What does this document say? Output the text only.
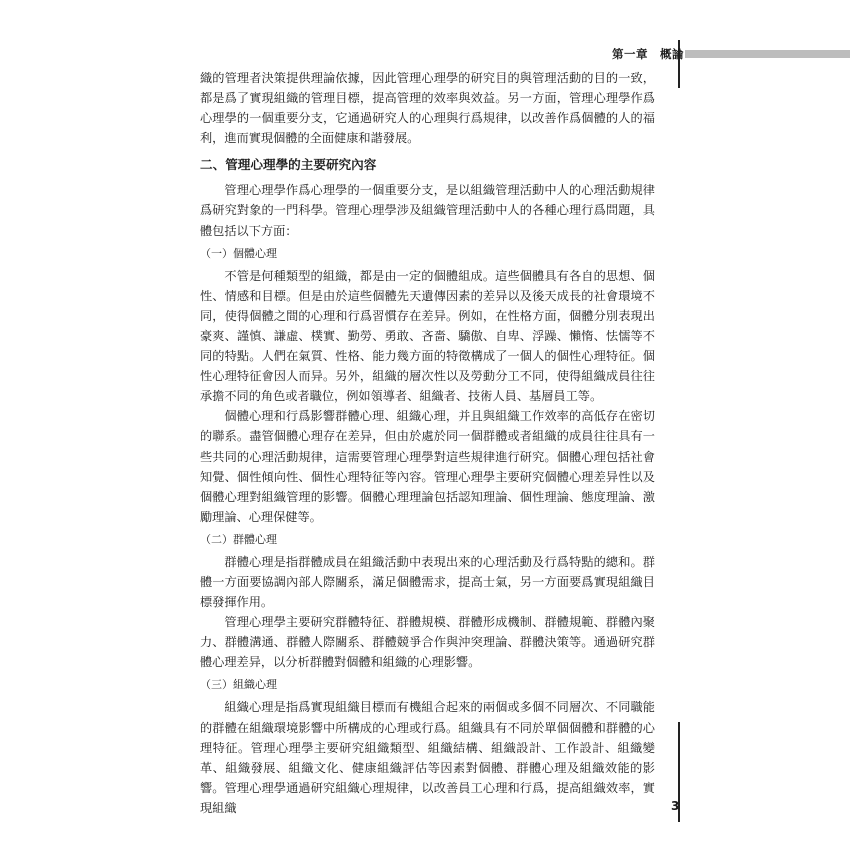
第一章　概論

織的管理者決策提供理論依據，因此管理心理學的研究目的與管理活動的目的一致，都是爲了實現組織的管理目標，提高管理的效率與效益。另一方面，管理心理學作爲心理學的一個重要分支，它通過研究人的心理與行爲規律，以改善作爲個體的人的福利，進而實現個體的全面健康和諧發展。

二、管理心理學的主要研究內容

管理心理學作爲心理學的一個重要分支，是以組織管理活動中人的心理活動規律爲研究對象的一門科學。管理心理學涉及組織管理活動中人的各種心理行爲問題，具體包括以下方面：

（一）個體心理

不管是何種類型的組織，都是由一定的個體組成。這些個體具有各自的思想、個性、情感和目標。但是由於這些個體先天遺傳因素的差异以及後天成長的社會環境不同，使得個體之間的心理和行爲習慣存在差异。例如，在性格方面，個體分別表現出豪爽、謹慎、謙虛、樸實、勤勞、勇敢、吝嗇、驕傲、自卑、浮躁、懶惰、怯懦等不同的特點。人們在氣質、性格、能力幾方面的特徵構成了一個人的個性心理特征。個性心理特征會因人而异。另外，組織的層次性以及勞動分工不同，使得組織成員往往承擔不同的角色或者職位，例如領導者、組織者、技術人員、基層員工等。

個體心理和行爲影響群體心理、組織心理，并且與組織工作效率的高低存在密切的聯系。盡管個體心理存在差异，但由於處於同一個群體或者組織的成員往往具有一些共同的心理活動規律，這需要管理心理學對這些規律進行研究。個體心理包括社會知覺、個性傾向性、個性心理特征等內容。管理心理學主要研究個體心理差异性以及個體心理對組織管理的影響。個體心理理論包括認知理論、個性理論、態度理論、激勵理論、心理保健等。

（二）群體心理

群體心理是指群體成員在組織活動中表現出來的心理活動及行爲特點的總和。群體一方面要協調內部人際關系，滿足個體需求，提高士氣，另一方面要爲實現組織目標發揮作用。

管理心理學主要研究群體特征、群體規模、群體形成機制、群體規範、群體內聚力、群體溝通、群體人際關系、群體競爭合作與沖突理論、群體決策等。通過研究群體心理差异，以分析群體對個體和組織的心理影響。

（三）組織心理

組織心理是指爲實現組織目標而有機組合起來的兩個或多個不同層次、不同職能的群體在組織環境影響中所構成的心理或行爲。組織具有不同於單個個體和群體的心理特征。管理心理學主要研究組織類型、組織結構、組織設計、工作設計、組織變革、組織發展、組織文化、健康組織評估等因素對個體、群體心理及組織效能的影響。管理心理學通過研究組織心理規律，以改善員工心理和行爲，提高組織效率，實現組織	3
